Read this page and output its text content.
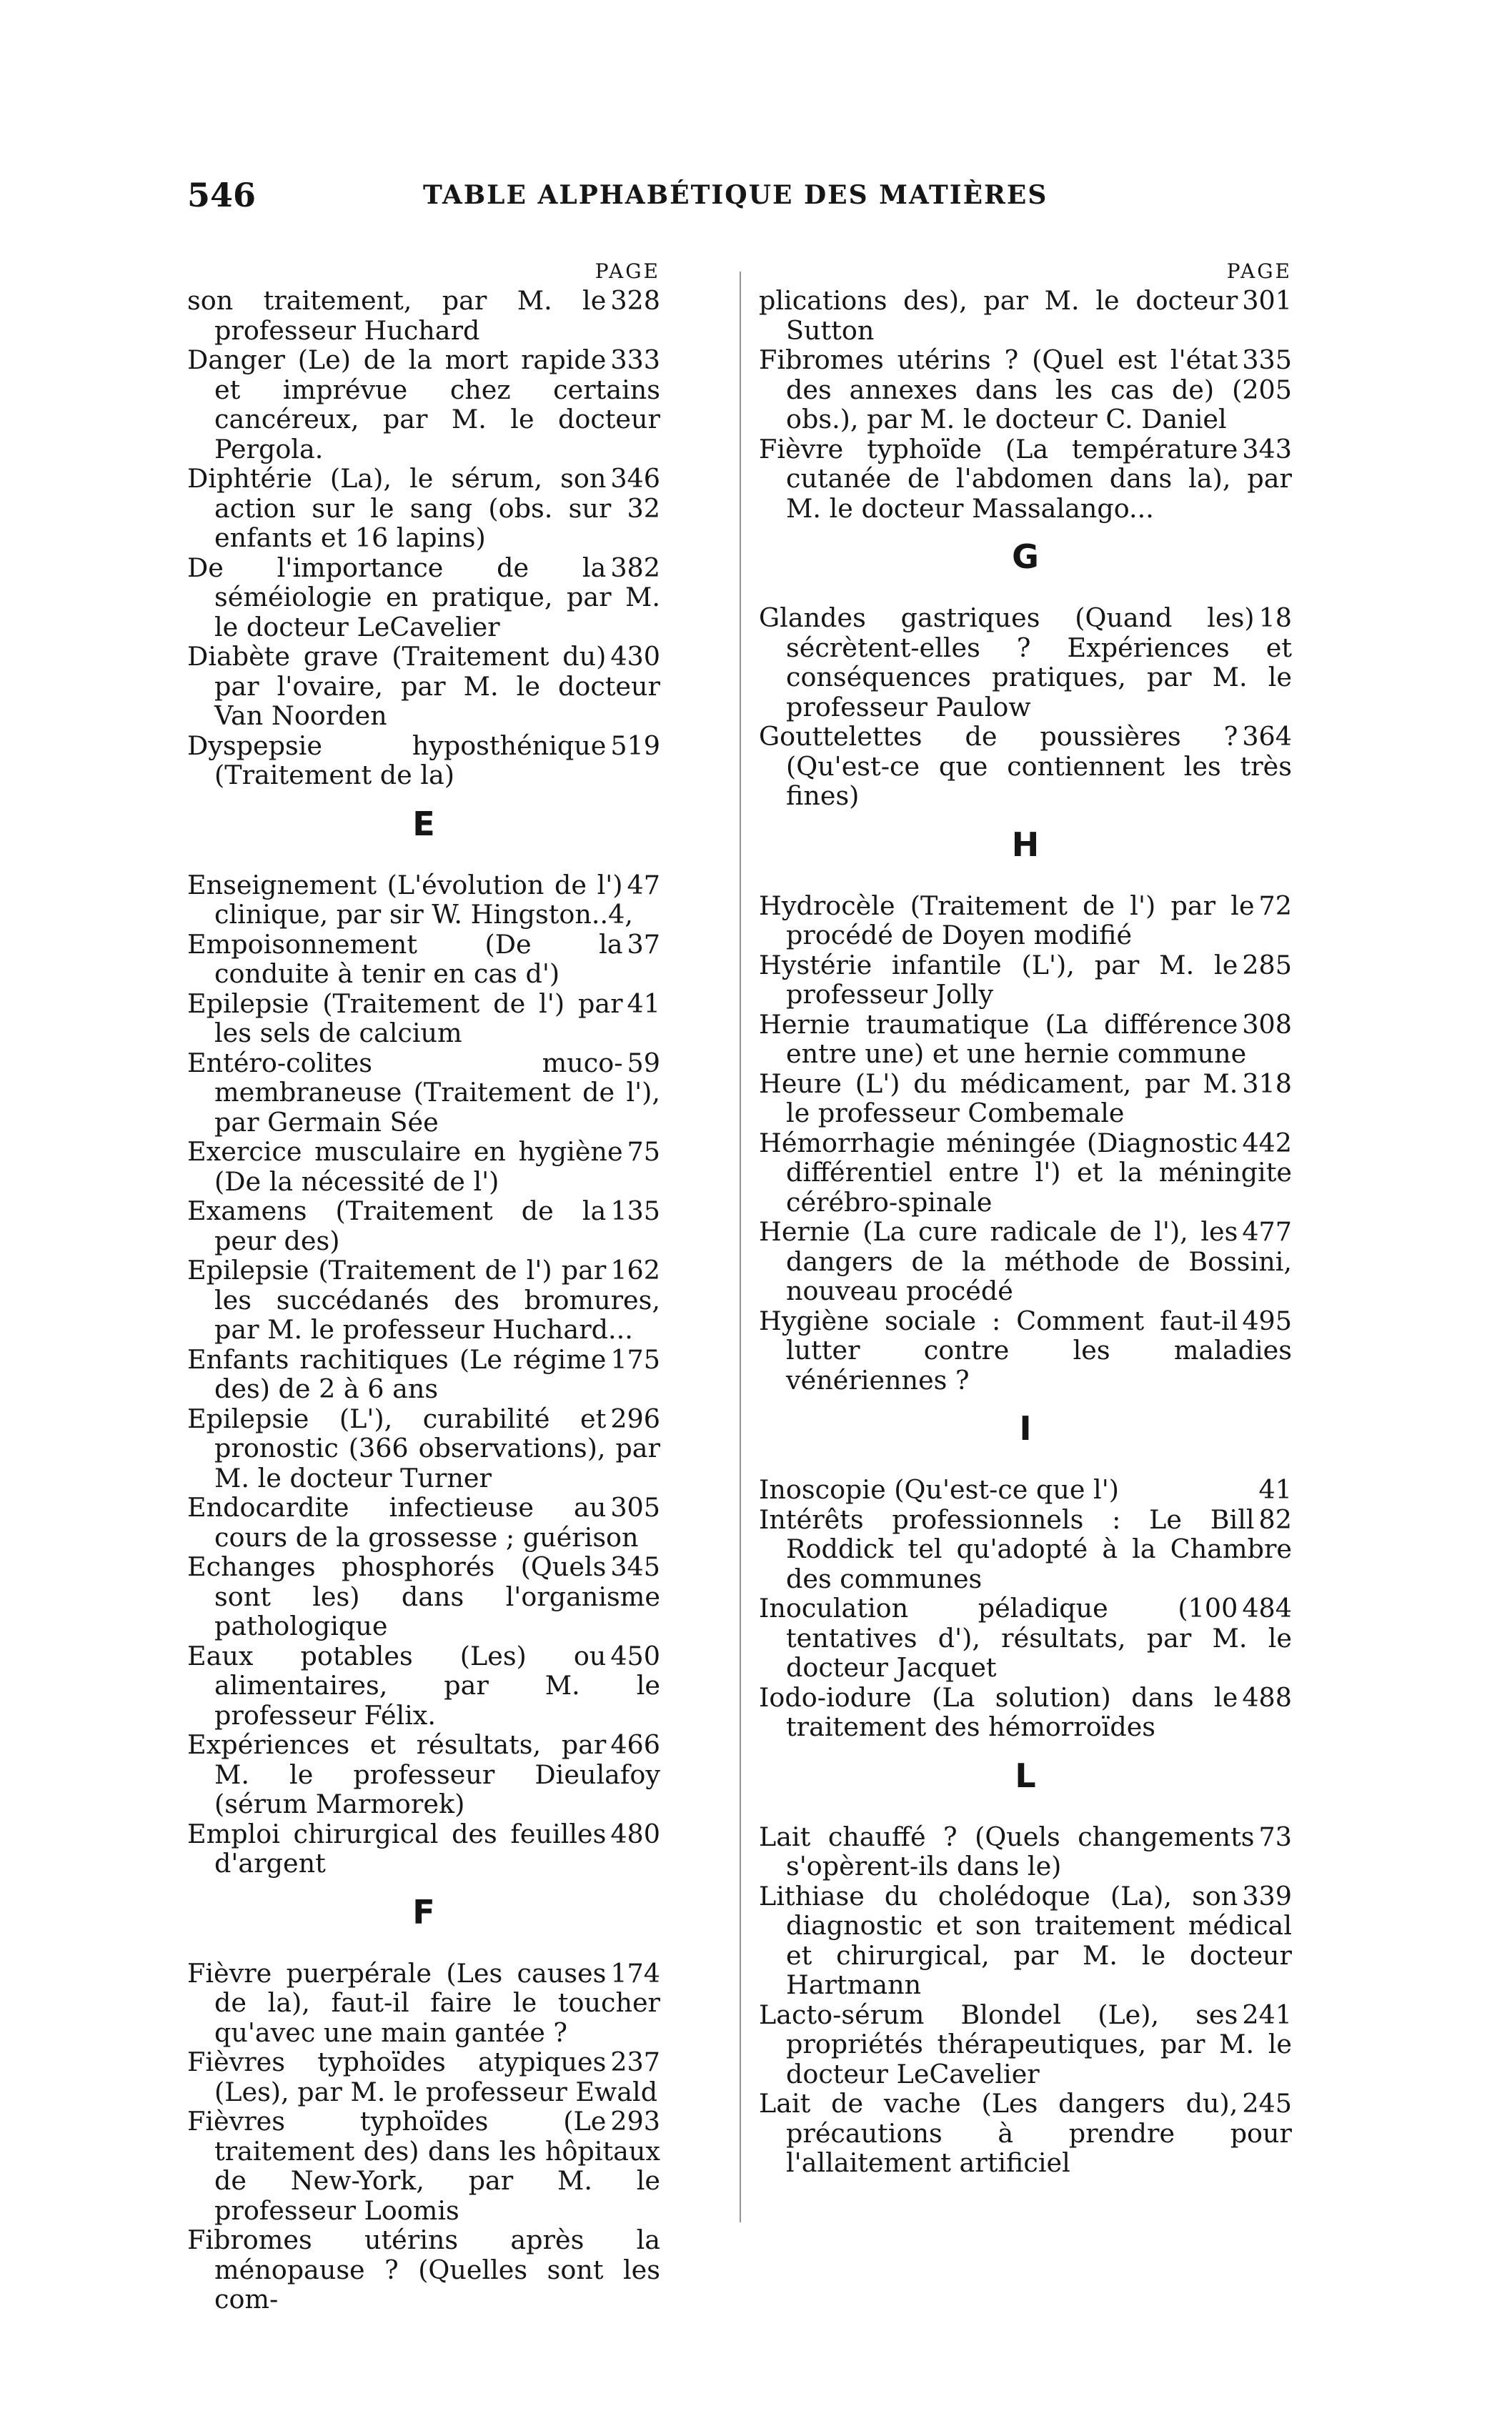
546	TABLE ALPHABÉTIQUE DES MATIÈRES
PAGE
328
son traitement, par M. le professeur Huchard
333
Danger (Le) de la mort rapide et imprévue chez certains cancéreux, par M. le docteur Pergola.
346
Diphtérie (La), le sérum, son action sur le sang (obs. sur 32 enfants et 16 lapins)
382
De l'importance de la séméiologie en pratique, par M. le docteur LeCavelier
430
Diabète grave (Traitement du) par l'ovaire, par M. le docteur Van Noorden
519
Dyspepsie hyposthénique (Traitement de la)
E
47
Enseignement (L'évolution de l') clinique, par sir W. Hingston..4,
37
Empoisonnement (De la conduite à tenir en cas d')
41
Epilepsie (Traitement de l') par les sels de calcium
59
Entéro-colites muco-membraneuse (Traitement de l'), par Germain Sée
75
Exercice musculaire en hygiène (De la nécessité de l')
135
Examens (Traitement de la peur des)
162
Epilepsie (Traitement de l') par les succédanés des bromures, par M. le professeur Huchard...
175
Enfants rachitiques (Le régime des) de 2 à 6 ans
296
Epilepsie (L'), curabilité et pronostic (366 observations), par M. le docteur Turner
305
Endocardite infectieuse au cours de la grossesse ; guérison
345
Echanges phosphorés (Quels sont les) dans l'organisme pathologique
450
Eaux potables (Les) ou alimentaires, par M. le professeur Félix.
466
Expériences et résultats, par M. le professeur Dieulafoy (sérum Marmorek)
480
Emploi chirurgical des feuilles d'argent
F
174
Fièvre puerpérale (Les causes de la), faut-il faire le toucher qu'avec une main gantée ?
237
Fièvres typhoïdes atypiques (Les), par M. le professeur Ewald
293
Fièvres typhoïdes (Le traitement des) dans les hôpitaux de New-York, par M. le professeur Loomis
Fibromes utérins après la ménopause ? (Quelles sont les com-
PAGE
301
plications des), par M. le docteur Sutton
335
Fibromes utérins ? (Quel est l'état des annexes dans les cas de) (205 obs.), par M. le docteur C. Daniel
343
Fièvre typhoïde (La température cutanée de l'abdomen dans la), par M. le docteur Massalango...
G
18
Glandes gastriques (Quand les) sécrètent-elles ? Expériences et conséquences pratiques, par M. le professeur Paulow
364
Gouttelettes de poussières ? (Qu'est-ce que contiennent les très fines)
H
72
Hydrocèle (Traitement de l') par le procédé de Doyen modifié
285
Hystérie infantile (L'), par M. le professeur Jolly
308
Hernie traumatique (La différence entre une) et une hernie commune
318
Heure (L') du médicament, par M. le professeur Combemale
442
Hémorrhagie méningée (Diagnostic différentiel entre l') et la méningite cérébro-spinale
477
Hernie (La cure radicale de l'), les dangers de la méthode de Bossini, nouveau procédé
495
Hygiène sociale : Comment faut-il lutter contre les maladies vénériennes ?
I
41
Inoscopie (Qu'est-ce que l')
82
Intérêts professionnels : Le Bill Roddick tel qu'adopté à la Chambre des communes
484
Inoculation péladique (100 tentatives d'), résultats, par M. le docteur Jacquet
488
Iodo-iodure (La solution) dans le traitement des hémorroïdes
L
73
Lait chauffé ? (Quels changements s'opèrent-ils dans le)
339
Lithiase du cholédoque (La), son diagnostic et son traitement médical et chirurgical, par M. le docteur Hartmann
241
Lacto-sérum Blondel (Le), ses propriétés thérapeutiques, par M. le docteur LeCavelier
245
Lait de vache (Les dangers du), précautions à prendre pour l'allaitement artificiel
